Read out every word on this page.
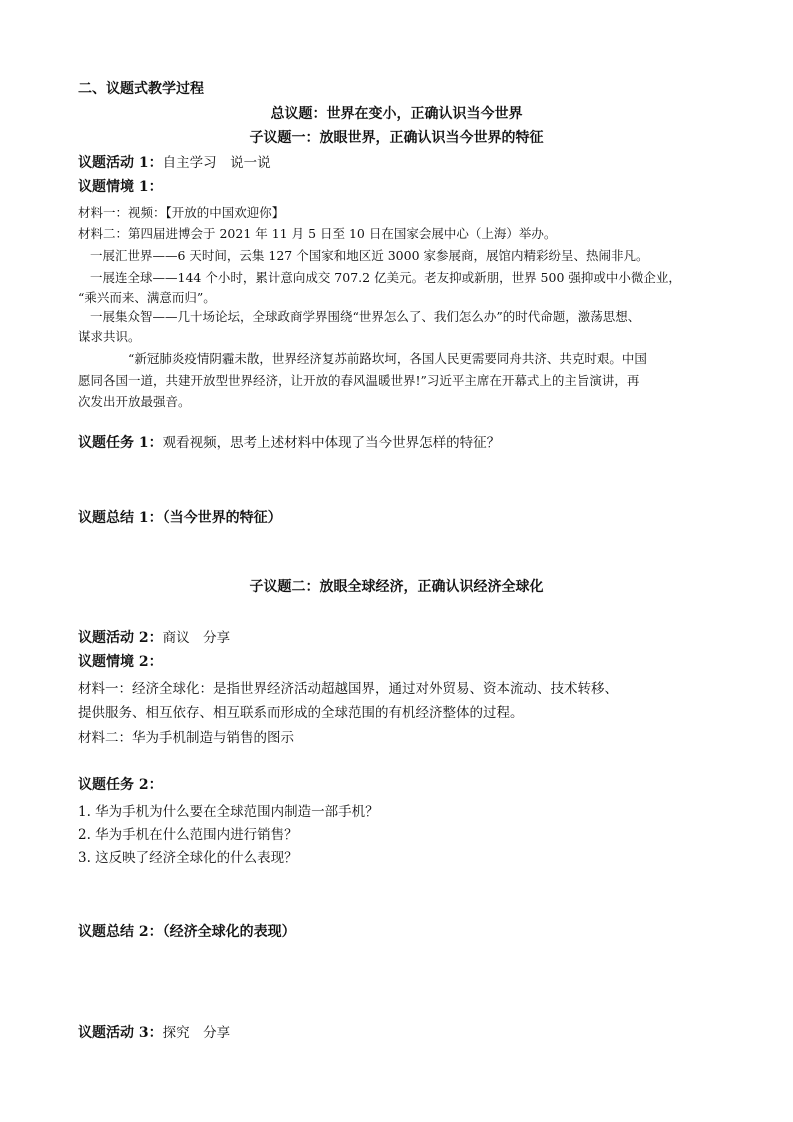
二、议题式教学过程
总议题：世界在变小，正确认识当今世界
子议题一：放眼世界，正确认识当今世界的特征
议题活动 1：自主学习　说一说
议题情境 1：
材料一：视频：【开放的中国欢迎你】
材料二：第四届进博会于 2021 年 11 月 5 日至 10 日在国家会展中心（上海）举办。
一展汇世界——6 天时间，云集 127 个国家和地区近 3000 家参展商，展馆内精彩纷呈、热闹非凡。
一展连全球——144 个小时，累计意向成交 707.2 亿美元。老友抑或新朋，世界 500 强抑或中小微企业，
“乘兴而来、满意而归”。
一展集众智——几十场论坛，全球政商学界围绕“世界怎么了、我们怎么办”的时代命题，激荡思想、
谋求共识。
“新冠肺炎疫情阴霾未散，世界经济复苏前路坎坷，各国人民更需要同舟共济、共克时艰。中国
愿同各国一道，共建开放型世界经济，让开放的春风温暖世界!”习近平主席在开幕式上的主旨演讲，再
次发出开放最强音。
议题任务 1：观看视频，思考上述材料中体现了当今世界怎样的特征？
议题总结 1：（当今世界的特征）
子议题二：放眼全球经济，正确认识经济全球化
议题活动 2：商议　分享
议题情境 2：
材料一：经济全球化：是指世界经济活动超越国界，通过对外贸易、资本流动、技术转移、
提供服务、相互依存、相互联系而形成的全球范围的有机经济整体的过程。
材料二：华为手机制造与销售的图示
议题任务 2：
1. 华为手机为什么要在全球范围内制造一部手机？
2. 华为手机在什么范围内进行销售？
3. 这反映了经济全球化的什么表现？
议题总结 2：（经济全球化的表现）
议题活动 3：探究　分享
